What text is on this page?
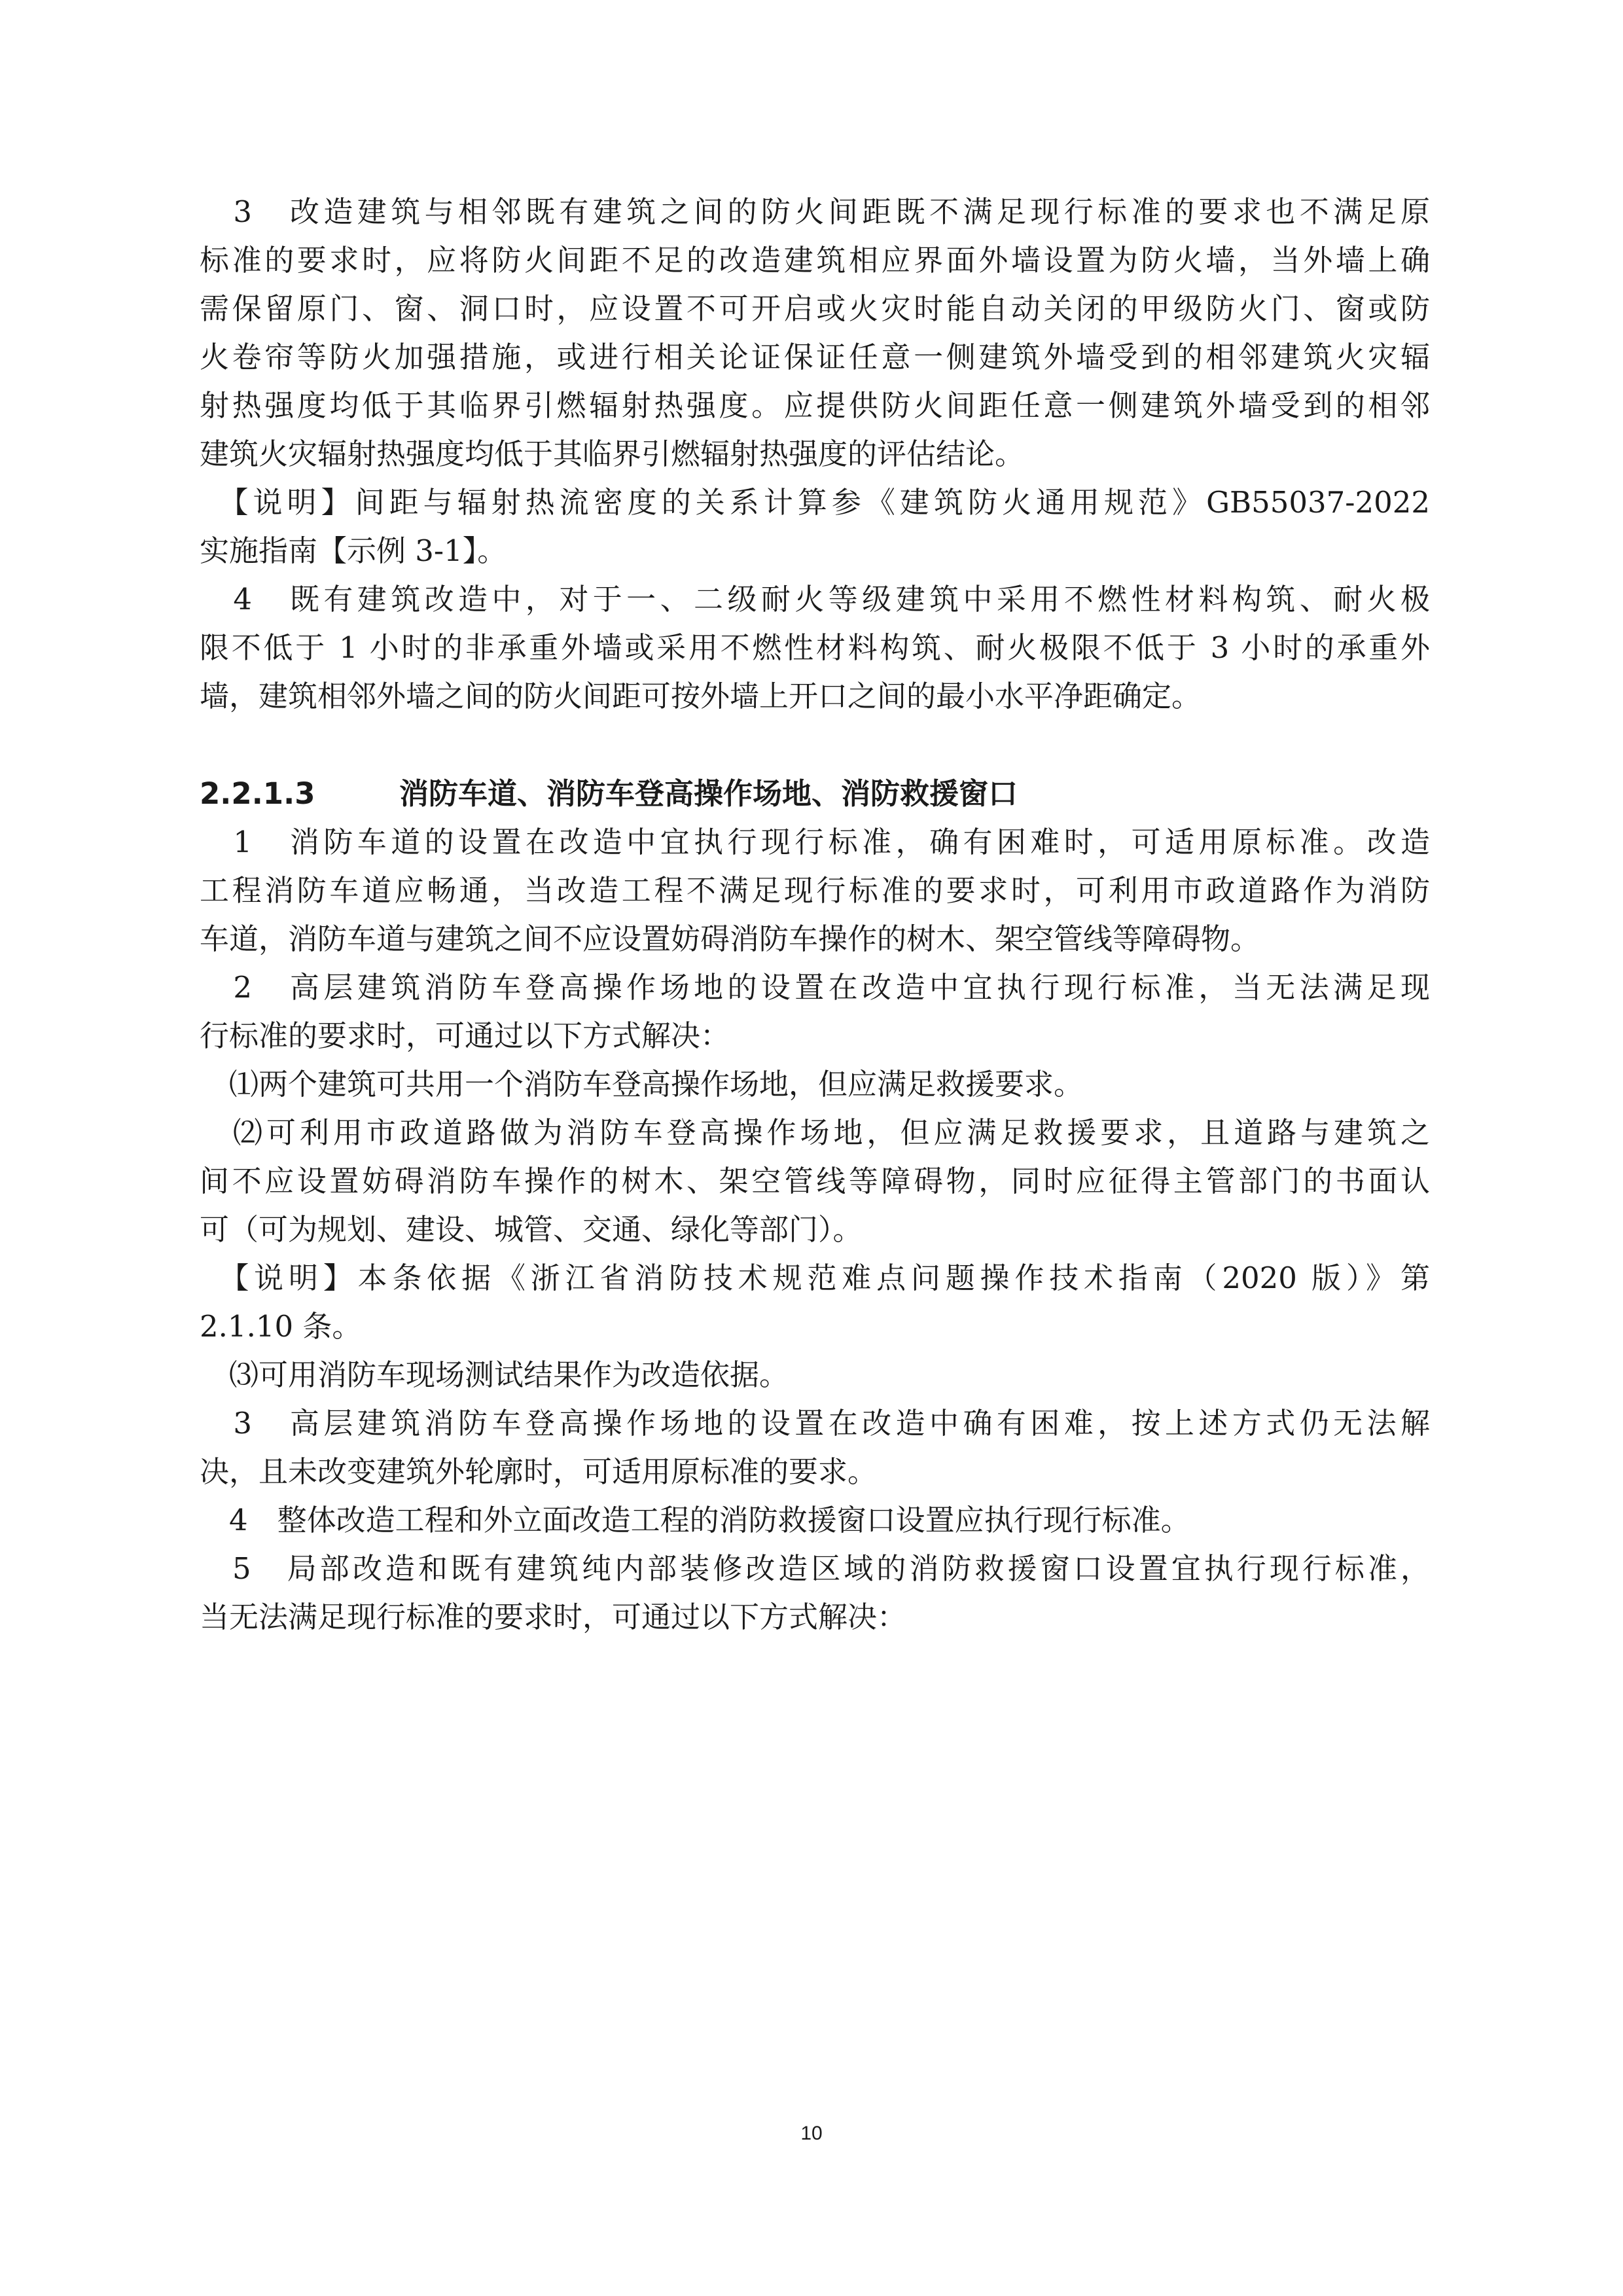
　3　改造建筑与相邻既有建筑之间的防火间距既不满足现行标准的要求也不满足原
标准的要求时，应将防火间距不足的改造建筑相应界面外墙设置为防火墙，当外墙上确
需保留原门、窗、洞口时，应设置不可开启或火灾时能自动关闭的甲级防火门、窗或防
火卷帘等防火加强措施，或进行相关论证保证任意一侧建筑外墙受到的相邻建筑火灾辐
射热强度均低于其临界引燃辐射热强度。应提供防火间距任意一侧建筑外墙受到的相邻
建筑火灾辐射热强度均低于其临界引燃辐射热强度的评估结论。
　【说明】间距与辐射热流密度的关系计算参《建筑防火通用规范》GB55037-2022
实施指南【示例 3-1】。
　4　既有建筑改造中，对于一、二级耐火等级建筑中采用不燃性材料构筑、耐火极
限不低于 1 小时的非承重外墙或采用不燃性材料构筑、耐火极限不低于 3 小时的承重外
墙，建筑相邻外墙之间的防火间距可按外墙上开口之间的最小水平净距确定。
2.2.1.3	消防车道、消防车登高操作场地、消防救援窗口
　1　消防车道的设置在改造中宜执行现行标准，确有困难时，可适用原标准。改造
工程消防车道应畅通，当改造工程不满足现行标准的要求时，可利用市政道路作为消防
车道，消防车道与建筑之间不应设置妨碍消防车操作的树木、架空管线等障碍物。
　2　高层建筑消防车登高操作场地的设置在改造中宜执行现行标准，当无法满足现
行标准的要求时，可通过以下方式解决：
　⑴两个建筑可共用一个消防车登高操作场地，但应满足救援要求。
　⑵可利用市政道路做为消防车登高操作场地，但应满足救援要求，且道路与建筑之
间不应设置妨碍消防车操作的树木、架空管线等障碍物，同时应征得主管部门的书面认
可（可为规划、建设、城管、交通、绿化等部门）。
　【说明】本条依据《浙江省消防技术规范难点问题操作技术指南（2020 版）》第
2.1.10 条。
　⑶可用消防车现场测试结果作为改造依据。
　3　高层建筑消防车登高操作场地的设置在改造中确有困难，按上述方式仍无法解
决，且未改变建筑外轮廓时，可适用原标准的要求。
　4　整体改造工程和外立面改造工程的消防救援窗口设置应执行现行标准。
　5　局部改造和既有建筑纯内部装修改造区域的消防救援窗口设置宜执行现行标准，
当无法满足现行标准的要求时，可通过以下方式解决：
10
